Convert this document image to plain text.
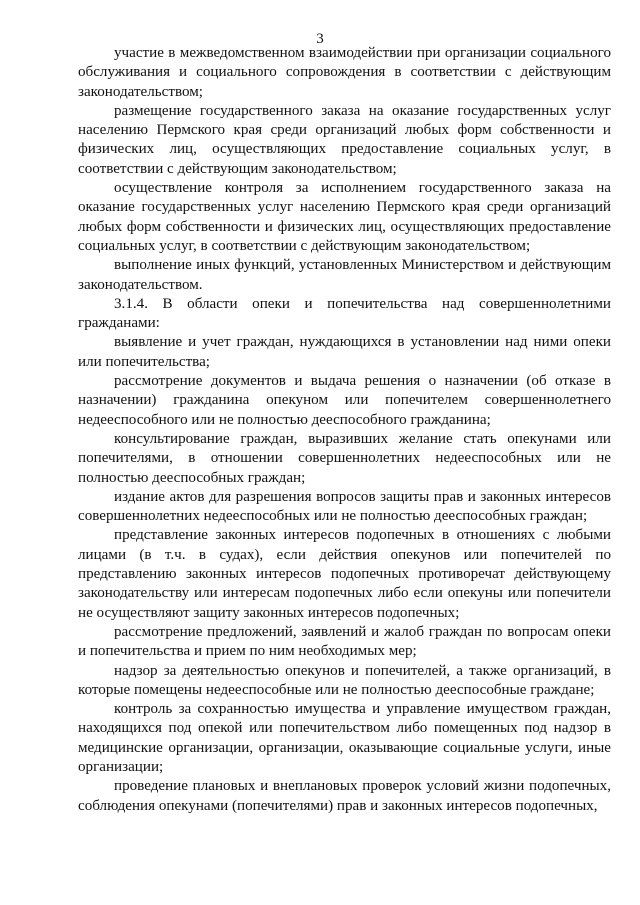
3

участие в межведомственном взаимодействии при организации социального обслуживания и социального сопровождения в соответствии с действующим законодательством;

размещение государственного заказа на оказание государственных услуг населению Пермского края среди организаций любых форм собственности и физических лиц, осуществляющих предоставление социальных услуг, в соответствии с действующим законодательством;

осуществление контроля за исполнением государственного заказа на оказание государственных услуг населению Пермского края среди организаций любых форм собственности и физических лиц, осуществляющих предоставление социальных услуг, в соответствии с действующим законодательством;

выполнение иных функций, установленных Министерством и действующим законодательством.

3.1.4. В области опеки и попечительства над совершеннолетними гражданами:

выявление и учет граждан, нуждающихся в установлении над ними опеки или попечительства;

рассмотрение документов и выдача решения о назначении (об отказе в назначении) гражданина опекуном или попечителем совершеннолетнего недееспособного или не полностью дееспособного гражданина;

консультирование граждан, выразивших желание стать опекунами или попечителями, в отношении совершеннолетних недееспособных или не полностью дееспособных граждан;

издание актов для разрешения вопросов защиты прав и законных интересов совершеннолетних недееспособных или не полностью дееспособных граждан;

представление законных интересов подопечных в отношениях с любыми лицами (в т.ч. в судах), если действия опекунов или попечителей по представлению законных интересов подопечных противоречат действующему законодательству или интересам подопечных либо если опекуны или попечители не осуществляют защиту законных интересов подопечных;

рассмотрение предложений, заявлений и жалоб граждан по вопросам опеки и попечительства и прием по ним необходимых мер;

надзор за деятельностью опекунов и попечителей, а также организаций, в которые помещены недееспособные или не полностью дееспособные граждане;

контроль за сохранностью имущества и управление имуществом граждан, находящихся под опекой или попечительством либо помещенных под надзор в медицинские организации, организации, оказывающие социальные услуги, иные организации;

проведение плановых и внеплановых проверок условий жизни подопечных, соблюдения опекунами (попечителями) прав и законных интересов подопечных,
